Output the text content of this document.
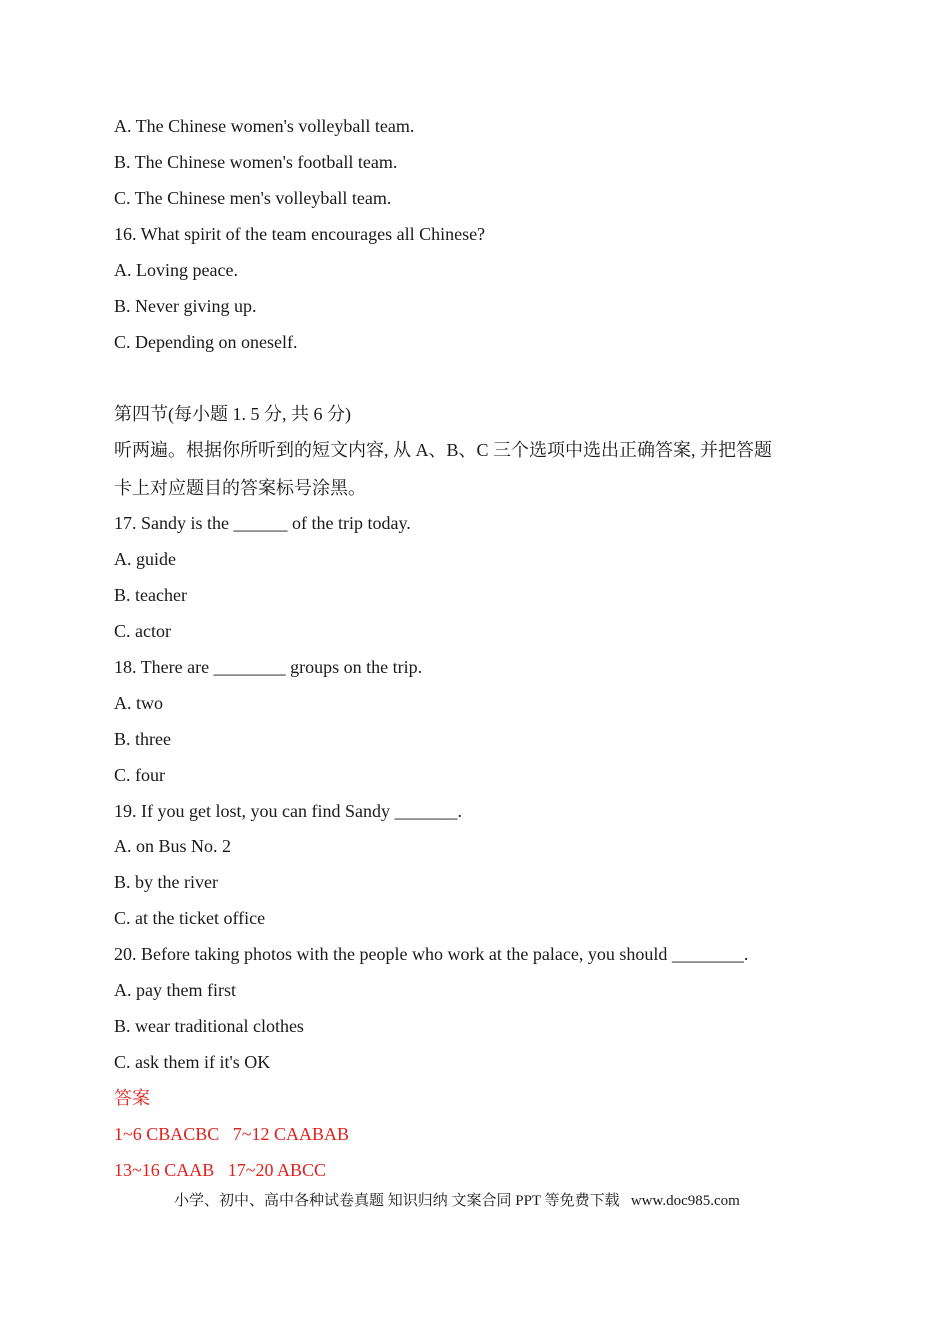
A. The Chinese women's volleyball team.
B. The Chinese women's football team.
C. The Chinese men's volleyball team.
16. What spirit of the team encourages all Chinese?
A. Loving peace.
B. Never giving up.
C. Depending on oneself.
第四节(每小题 1. 5 分, 共 6 分)
听两遍。根据你所听到的短文内容, 从 A、B、C 三个选项中选出正确答案, 并把答题
卡上对应题目的答案标号涂黑。
17. Sandy is the ______ of the trip today.
A. guide
B. teacher
C. actor
18. There are ________ groups on the trip.
A. two
B. three
C. four
19. If you get lost, you can find Sandy _______.
A. on Bus No. 2
B. by the river
C. at the ticket office
20. Before taking photos with the people who work at the palace, you should ________.
A. pay them first
B. wear traditional clothes
C. ask them if it's OK
答案
1~6 CBACBC   7~12 CAABAB
13~16 CAAB   17~20 ABCC
小学、初中、高中各种试卷真题 知识归纳 文案合同 PPT 等免费下载   www.doc985.com
